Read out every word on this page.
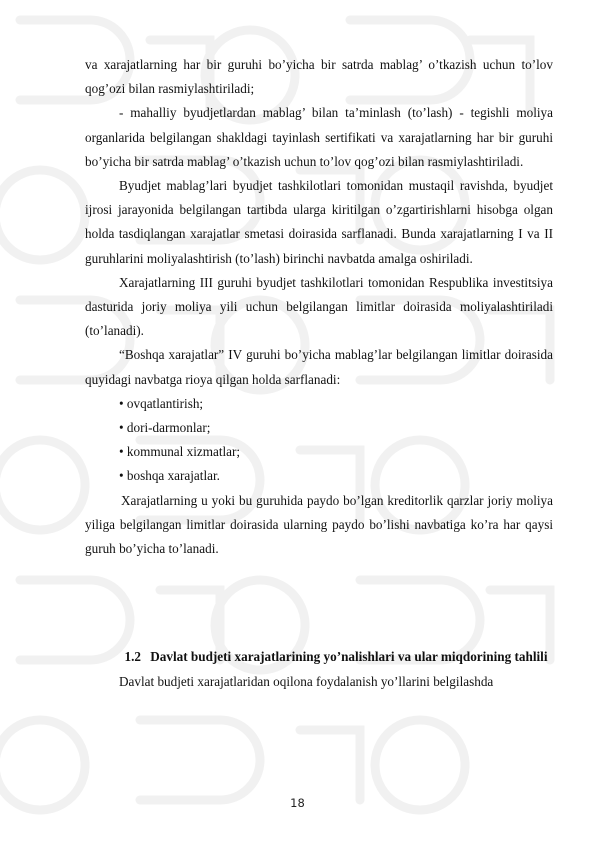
va xarajatlarning har bir guruhi bo’yicha bir satrda mablag’ o’tkazish uchun to’lov qog’ozi bilan rasmiylashtiriladi;

- mahalliy byudjetlardan mablag’ bilan ta’minlash (to’lash) - tegishli moliya organlarida belgilangan shakldagi tayinlash sertifikati va xarajatlarning har bir guruhi bo’yicha bir satrda mablag’ o’tkazish uchun to’lov qog’ozi bilan rasmiylashtiriladi.

Byudjet mablag’lari byudjet tashkilotlari tomonidan mustaqil ravishda, byudjet ijrosi jarayonida belgilangan tartibda ularga kiritilgan o’zgartirishlarni hisobga olgan holda tasdiqlangan xarajatlar smetasi doirasida sarflanadi. Bunda xarajatlarning I va II guruhlarini moliyalashtirish (to’lash) birinchi navbatda amalga oshiriladi.

Xarajatlarning III guruhi byudjet tashkilotlari tomonidan Respublika investitsiya dasturida joriy moliya yili uchun belgilangan limitlar doirasida moliyalashtiriladi (to’lanadi).

“Boshqa xarajatlar” IV guruhi bo’yicha mablag’lar belgilangan limitlar doirasida quyidagi navbatga rioya qilgan holda sarflanadi:

• ovqatlantirish;

• dori-darmonlar;

• kommunal xizmatlar;

• boshqa xarajatlar.

Xarajatlarning u yoki bu guruhida paydo bo’lgan kreditorlik qarzlar joriy moliya yiligа belgilangan limitlar doirasida ularning paydo bo’lishi navbatiga ko’ra har qaysi guruh bo’yicha to’lanadi.

1.2 Davlat budjeti xarajatlarining yo’nalishlari va ular miqdorining tahlili

Davlat budjeti xarajatlaridan oqilona foydalanish yo’llarini belgilashda

18
